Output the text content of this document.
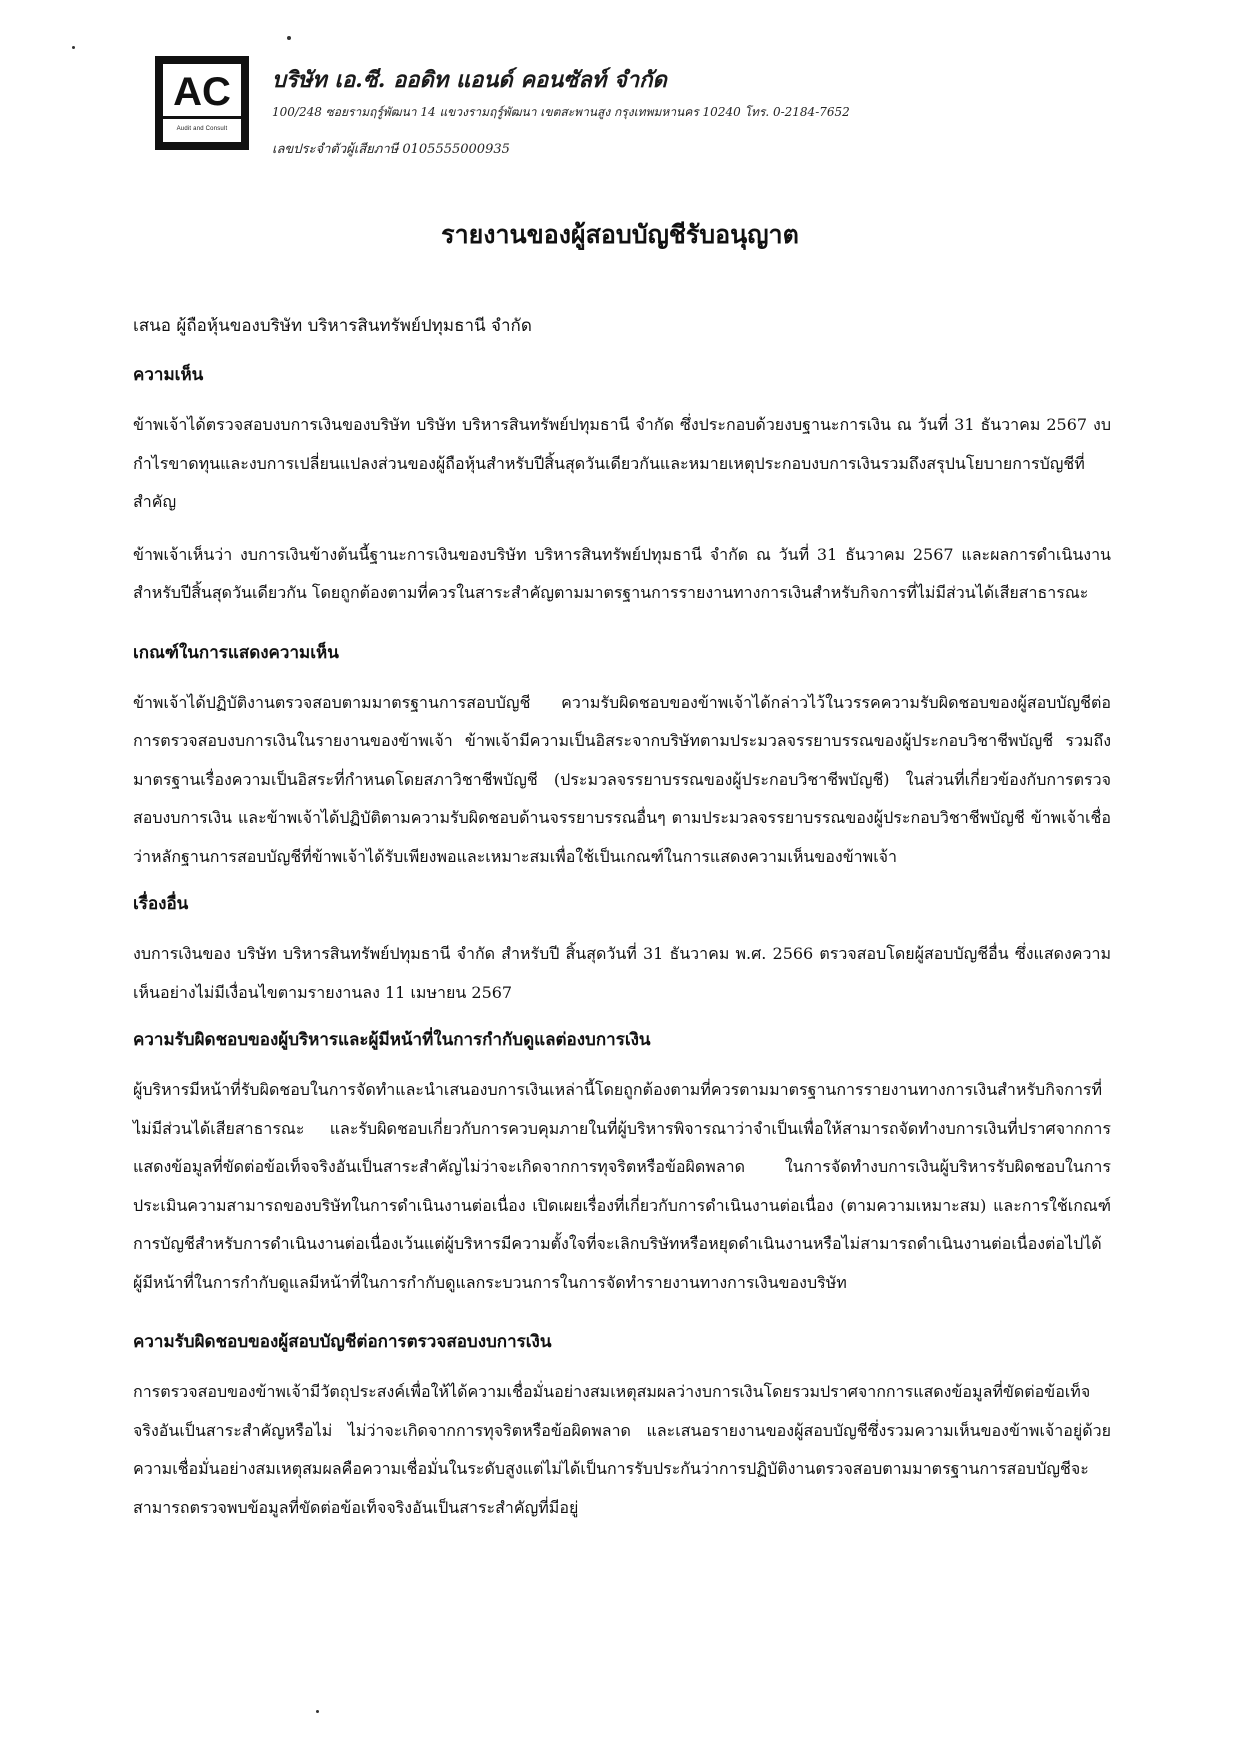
AC
Audit and Consult
บริษัท เอ.ซี. ออดิท แอนด์ คอนซัลท์ จำกัด
100/248 ซอยรามฤรู์พัฒนา 14 แขวงรามฤรู์พัฒนา เขตสะพานสูง กรุงเทพมหานคร 10240 โทร. 0-2184-7652
เลขประจำตัวผู้เสียภาษี 0105555000935
รายงานของผู้สอบบัญชีรับอนุญาต

เสนอ ผู้ถือหุ้นของบริษัท บริหารสินทรัพย์ปทุมธานี จำกัด

ความเห็น

ข้าพเจ้าได้ตรวจสอบงบการเงินของบริษัท บริษัท บริหารสินทรัพย์ปทุมธานี จำกัด ซึ่งประกอบด้วยงบฐานะการเงิน ณ วันที่ 31 ธันวาคม 2567 งบกำไรขาดทุนและงบการเปลี่ยนแปลงส่วนของผู้ถือหุ้นสำหรับปีสิ้นสุดวันเดียวกันและหมายเหตุประกอบงบการเงินรวมถึงสรุปนโยบายการบัญชีที่สำคัญ

ข้าพเจ้าเห็นว่า งบการเงินข้างต้นนี้ฐานะการเงินของบริษัท บริหารสินทรัพย์ปทุมธานี จำกัด ณ วันที่ 31 ธันวาคม 2567 และผลการดำเนินงานสำหรับปีสิ้นสุดวันเดียวกัน โดยถูกต้องตามที่ควรในสาระสำคัญตามมาตรฐานการรายงานทางการเงินสำหรับกิจการที่ไม่มีส่วนได้เสียสาธารณะ

เกณฑ์ในการแสดงความเห็น

ข้าพเจ้าได้ปฏิบัติงานตรวจสอบตามมาตรฐานการสอบบัญชี ความรับผิดชอบของข้าพเจ้าได้กล่าวไว้ในวรรคความรับผิดชอบของผู้สอบบัญชีต่อการตรวจสอบงบการเงินในรายงานของข้าพเจ้า ข้าพเจ้ามีความเป็นอิสระจากบริษัทตามประมวลจรรยาบรรณของผู้ประกอบวิชาชีพบัญชี รวมถึง มาตรฐานเรื่องความเป็นอิสระที่กำหนดโดยสภาวิชาชีพบัญชี (ประมวลจรรยาบรรณของผู้ประกอบวิชาชีพบัญชี) ในส่วนที่เกี่ยวข้องกับการตรวจสอบงบการเงิน และข้าพเจ้าได้ปฏิบัติตามความรับผิดชอบด้านจรรยาบรรณอื่นๆ ตามประมวลจรรยาบรรณของผู้ประกอบวิชาชีพบัญชี ข้าพเจ้าเชื่อว่าหลักฐานการสอบบัญชีที่ข้าพเจ้าได้รับเพียงพอและเหมาะสมเพื่อใช้เป็นเกณฑ์ในการแสดงความเห็นของข้าพเจ้า

เรื่องอื่น

งบการเงินของ บริษัท บริหารสินทรัพย์ปทุมธานี จำกัด สำหรับปี สิ้นสุดวันที่ 31 ธันวาคม พ.ศ. 2566 ตรวจสอบโดยผู้สอบบัญชีอื่น ซึ่งแสดงความเห็นอย่างไม่มีเงื่อนไขตามรายงานลง 11 เมษายน 2567

ความรับผิดชอบของผู้บริหารและผู้มีหน้าที่ในการกำกับดูแลต่องบการเงิน

ผู้บริหารมีหน้าที่รับผิดชอบในการจัดทำและนำเสนองบการเงินเหล่านี้โดยถูกต้องตามที่ควรตามมาตรฐานการรายงานทางการเงินสำหรับกิจการที่ไม่มีส่วนได้เสียสาธารณะ และรับผิดชอบเกี่ยวกับการควบคุมภายในที่ผู้บริหารพิจารณาว่าจำเป็นเพื่อให้สามารถจัดทำงบการเงินที่ปราศจากการแสดงข้อมูลที่ขัดต่อข้อเท็จจริงอันเป็นสาระสำคัญไม่ว่าจะเกิดจากการทุจริตหรือข้อผิดพลาด ในการจัดทำงบการเงินผู้บริหารรับผิดชอบในการประเมินความสามารถของบริษัทในการดำเนินงานต่อเนื่อง เปิดเผยเรื่องที่เกี่ยวกับการดำเนินงานต่อเนื่อง (ตามความเหมาะสม) และการใช้เกณฑ์การบัญชีสำหรับการดำเนินงานต่อเนื่องเว้นแต่ผู้บริหารมีความตั้งใจที่จะเลิกบริษัทหรือหยุดดำเนินงานหรือไม่สามารถดำเนินงานต่อเนื่องต่อไปได้ ผู้มีหน้าที่ในการกำกับดูแลมีหน้าที่ในการกำกับดูแลกระบวนการในการจัดทำรายงานทางการเงินของบริษัท

ความรับผิดชอบของผู้สอบบัญชีต่อการตรวจสอบงบการเงิน

การตรวจสอบของข้าพเจ้ามีวัตถุประสงค์เพื่อให้ได้ความเชื่อมั่นอย่างสมเหตุสมผลว่างบการเงินโดยรวมปราศจากการแสดงข้อมูลที่ขัดต่อข้อเท็จจริงอันเป็นสาระสำคัญหรือไม่ ไม่ว่าจะเกิดจากการทุจริตหรือข้อผิดพลาด และเสนอรายงานของผู้สอบบัญชีซึ่งรวมความเห็นของข้าพเจ้าอยู่ด้วย ความเชื่อมั่นอย่างสมเหตุสมผลคือความเชื่อมั่นในระดับสูงแต่ไม่ได้เป็นการรับประกันว่าการปฏิบัติงานตรวจสอบตามมาตรฐานการสอบบัญชีจะสามารถตรวจพบข้อมูลที่ขัดต่อข้อเท็จจริงอันเป็นสาระสำคัญที่มีอยู่
